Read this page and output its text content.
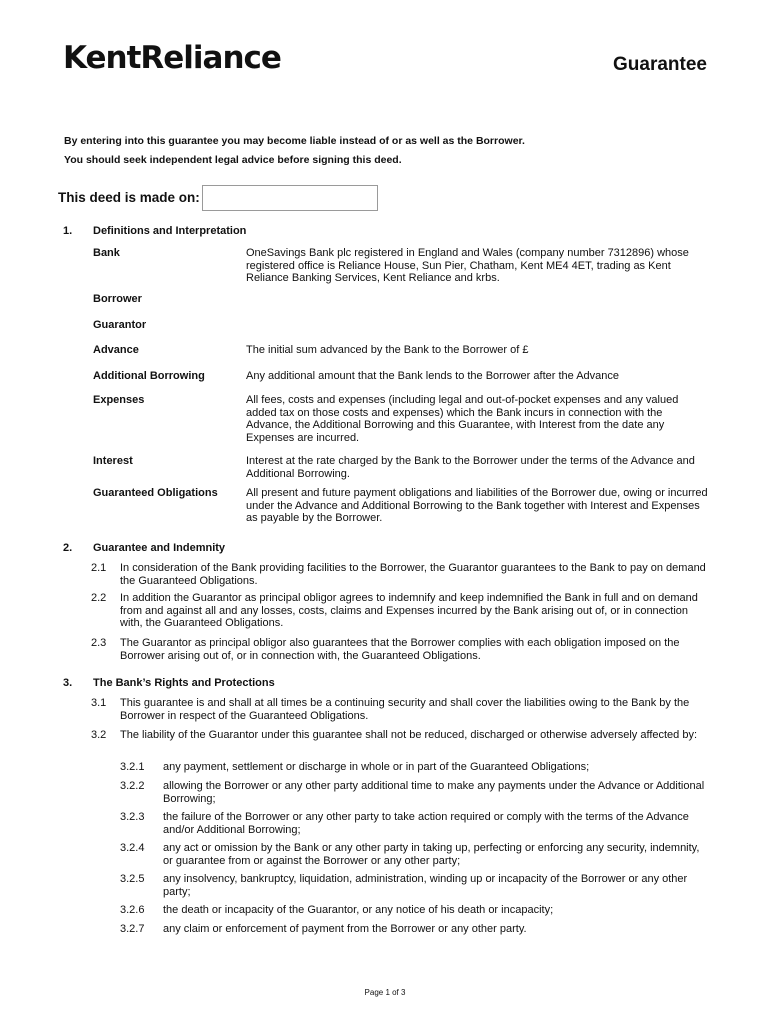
KentReliance	Guarantee
By entering into this guarantee you may become liable instead of or as well as the Borrower.
You should seek independent legal advice before signing this deed.
This deed is made on:
1. Definitions and Interpretation
Bank	OneSavings Bank plc registered in England and Wales (company number 7312896) whose registered office is Reliance House, Sun Pier, Chatham, Kent ME4 4ET, trading as Kent Reliance Banking Services, Kent Reliance and krbs.
Borrower
Guarantor
Advance	The initial sum advanced by the Bank to the Borrower of £
Additional Borrowing	Any additional amount that the Bank lends to the Borrower after the Advance
Expenses	All fees, costs and expenses (including legal and out-of-pocket expenses and any valued added tax on those costs and expenses) which the Bank incurs in connection with the Advance, the Additional Borrowing and this Guarantee, with Interest from the date any Expenses are incurred.
Interest	Interest at the rate charged by the Bank to the Borrower under the terms of the Advance and Additional Borrowing.
Guaranteed Obligations	All present and future payment obligations and liabilities of the Borrower due, owing or incurred under the Advance and Additional Borrowing to the Bank together with Interest and Expenses as payable by the Borrower.
2. Guarantee and Indemnity
2.1 In consideration of the Bank providing facilities to the Borrower, the Guarantor guarantees to the Bank to pay on demand the Guaranteed Obligations.
2.2 In addition the Guarantor as principal obligor agrees to indemnify and keep indemnified the Bank in full and on demand from and against all and any losses, costs, claims and Expenses incurred by the Bank arising out of, or in connection with, the Guaranteed Obligations.
2.3 The Guarantor as principal obligor also guarantees that the Borrower complies with each obligation imposed on the Borrower arising out of, or in connection with, the Guaranteed Obligations.
3. The Bank’s Rights and Protections
3.1 This guarantee is and shall at all times be a continuing security and shall cover the liabilities owing to the Bank by the Borrower in respect of the Guaranteed Obligations.
3.2 The liability of the Guarantor under this guarantee shall not be reduced, discharged or otherwise adversely affected by:
3.2.1 any payment, settlement or discharge in whole or in part of the Guaranteed Obligations;
3.2.2 allowing the Borrower or any other party additional time to make any payments under the Advance or Additional Borrowing;
3.2.3 the failure of the Borrower or any other party to take action required or comply with the terms of the Advance and/or Additional Borrowing;
3.2.4 any act or omission by the Bank or any other party in taking up, perfecting or enforcing any security, indemnity, or guarantee from or against the Borrower or any other party;
3.2.5 any insolvency, bankruptcy, liquidation, administration, winding up or incapacity of the Borrower or any other party;
3.2.6 the death or incapacity of the Guarantor, or any notice of his death or incapacity;
3.2.7 any claim or enforcement of payment from the Borrower or any other party.
Page 1 of 3
